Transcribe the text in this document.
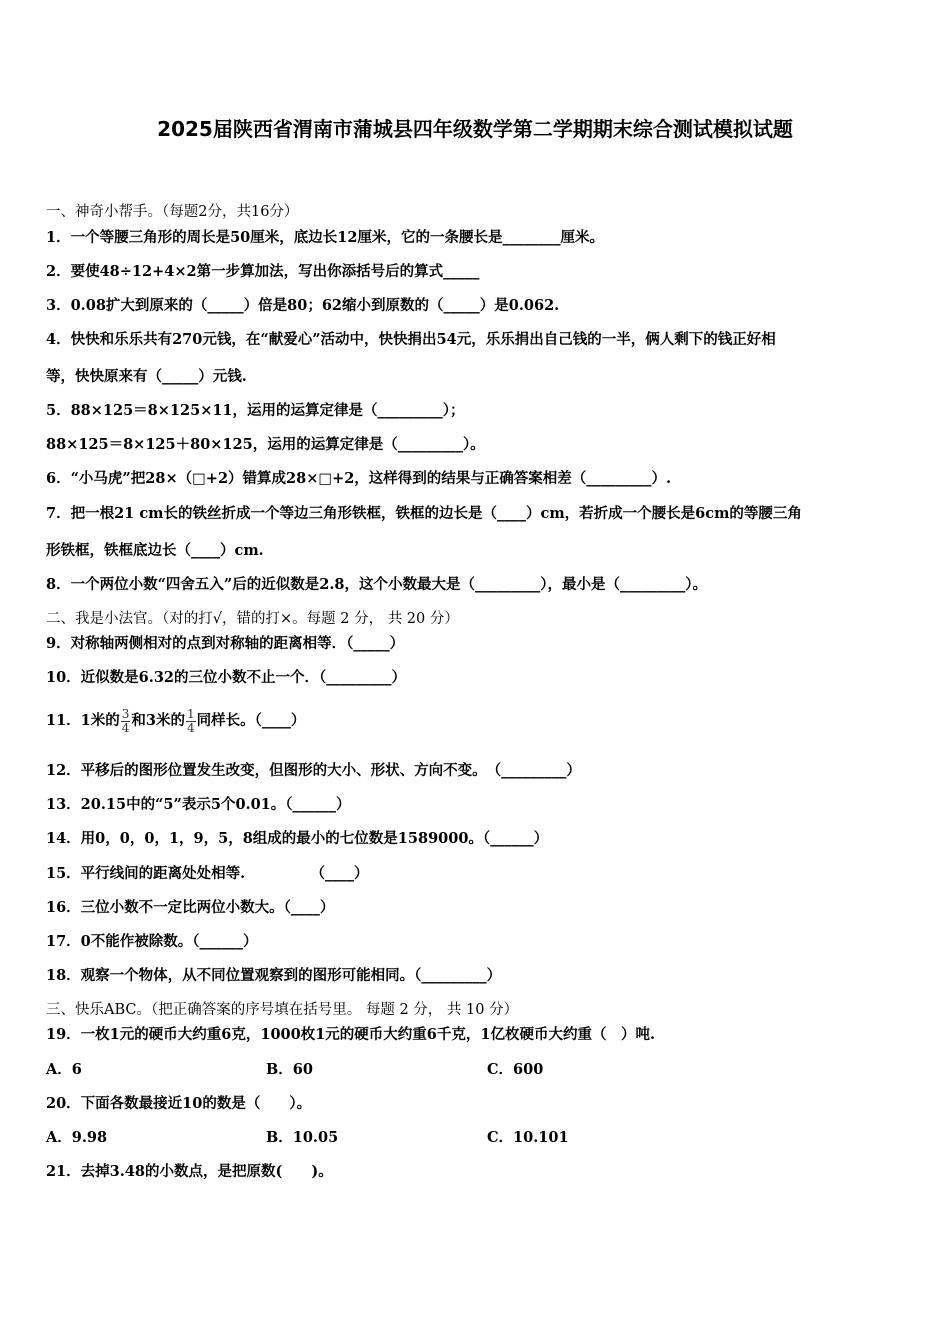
2025届陕西省渭南市蒲城县四年级数学第二学期期末综合测试模拟试题
一、神奇小帮手。（每题2分，共16分）
1．一个等腰三角形的周长是50厘米，底边长12厘米，它的一条腰长是________厘米。
2．要使48÷12+4×2第一步算加法，写出你添括号后的算式_____
3．0.08扩大到原来的（_____）倍是80；62缩小到原数的（_____）是0.062.
4．快快和乐乐共有270元钱，在“献爱心”活动中，快快捐出54元，乐乐捐出自己钱的一半，俩人剩下的钱正好相
等，快快原来有（_____）元钱.
5．88×125＝8×125×11，运用的运算定律是（_________）；
88×125＝8×125＋80×125，运用的运算定律是（_________）。
6．“小马虎”把28×（□+2）错算成28×□+2，这样得到的结果与正确答案相差（_________）.
7．把一根21 cm长的铁丝折成一个等边三角形铁框，铁框的边长是（____）cm，若折成一个腰长是6cm的等腰三角
形铁框，铁框底边长（____）cm.
8．一个两位小数“四舍五入”后的近似数是2.8，这个小数最大是（_________），最小是（_________）。
二、我是小法官。（对的打√，错的打×。每题 2 分， 共 20 分）
9．对称轴两侧相对的点到对称轴的距离相等．（_____）
10．近似数是6.32的三位小数不止一个．（_________）
11．1米的 $\frac{3}{4}$ 和3米的 $\frac{1}{4}$ 同样长。（____）
12．平移后的图形位置发生改变，但图形的大小、形状、方向不变。　（_________）
13．20.15中的“5”表示5个0.01。（______）
14．用0，0，0，1，9，5，8组成的最小的七位数是1589000。（______）
15．平行线间的距离处处相等.　　　　　（____）
16．三位小数不一定比两位小数大。（____）
17．0不能作被除数。（______）
18．观察一个物体，从不同位置观察到的图形可能相同。（_________）
三、快乐ABC。（把正确答案的序号填在括号里。 每题 2 分， 共 10 分）
19．一枚1元的硬币大约重6克，1000枚1元的硬币大约重6千克，1亿枚硬币大约重（　）吨.
A．6	B．60	C．600
20．下面各数最接近10的数是（　　）。
A．9.98	B．10.05	C．10.101
21．去掉3.48的小数点，是把原数(　　)。
